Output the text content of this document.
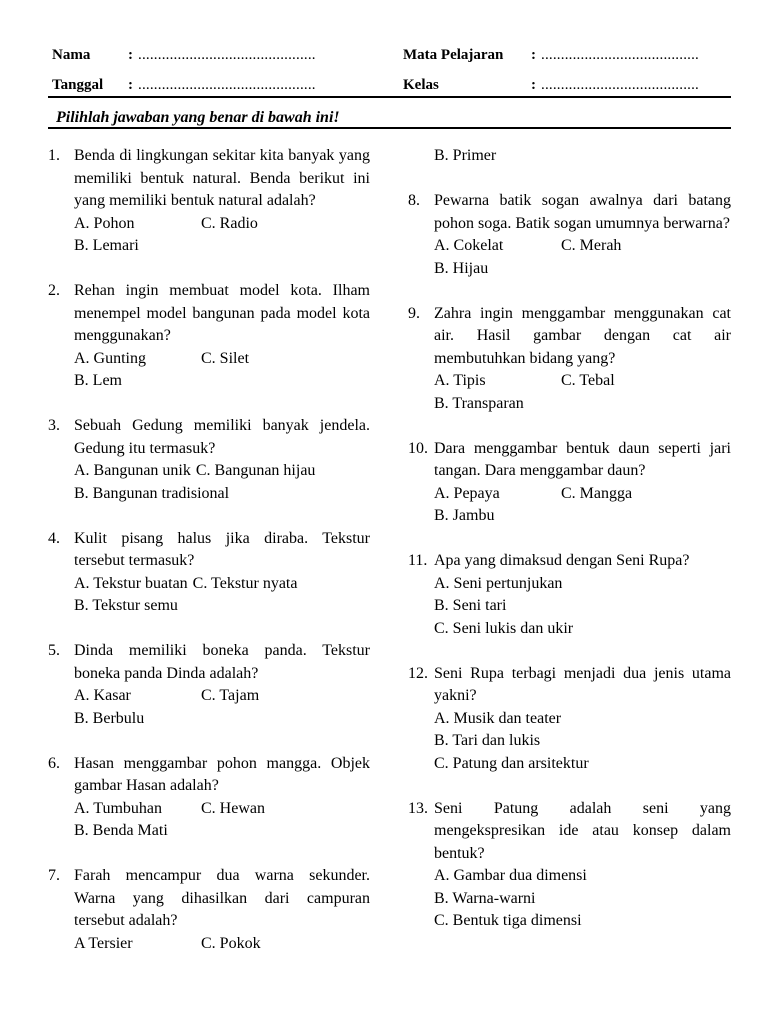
Nama	: .............................................	Mata Pelajaran : ........................................
Tanggal : .............................................	Kelas	: ........................................
Pilihlah jawaban yang benar di bawah ini!
1. Benda di lingkungan sekitar kita banyak yang memiliki bentuk natural. Benda berikut ini yang memiliki bentuk natural adalah?
A. Pohon	C. Radio
B. Lemari
2. Rehan ingin membuat model kota. Ilham menempel model bangunan pada model kota menggunakan?
A. Gunting	C. Silet
B. Lem
3. Sebuah Gedung memiliki banyak jendela. Gedung itu termasuk?
A. Bangunan unik C. Bangunan hijau
B. Bangunan tradisional
4. Kulit pisang halus jika diraba. Tekstur tersebut termasuk?
A. Tekstur buatan C. Tekstur nyata
B. Tekstur semu
5. Dinda memiliki boneka panda. Tekstur boneka panda Dinda adalah?
A. Kasar	C. Tajam
B. Berbulu
6. Hasan menggambar pohon mangga. Objek gambar Hasan adalah?
A. Tumbuhan	C. Hewan
B. Benda Mati
7. Farah mencampur dua warna sekunder. Warna yang dihasilkan dari campuran tersebut adalah?
A Tersier	C. Pokok
B. Primer
8. Pewarna batik sogan awalnya dari batang pohon soga. Batik sogan umumnya berwarna?
A. Cokelat	C. Merah
B. Hijau
9. Zahra ingin menggambar menggunakan cat air. Hasil gambar dengan cat air membutuhkan bidang yang?
A. Tipis	C. Tebal
B. Transparan
10. Dara menggambar bentuk daun seperti jari tangan. Dara menggambar daun?
A. Pepaya	C. Mangga
B. Jambu
11. Apa yang dimaksud dengan Seni Rupa?
A. Seni pertunjukan
B. Seni tari
C. Seni lukis dan ukir
12. Seni Rupa terbagi menjadi dua jenis utama yakni?
A. Musik dan teater
B. Tari dan lukis
C. Patung dan arsitektur
13. Seni Patung adalah seni yang mengekspresikan ide atau konsep dalam bentuk?
A. Gambar dua dimensi
B. Warna-warni
C. Bentuk tiga dimensi
